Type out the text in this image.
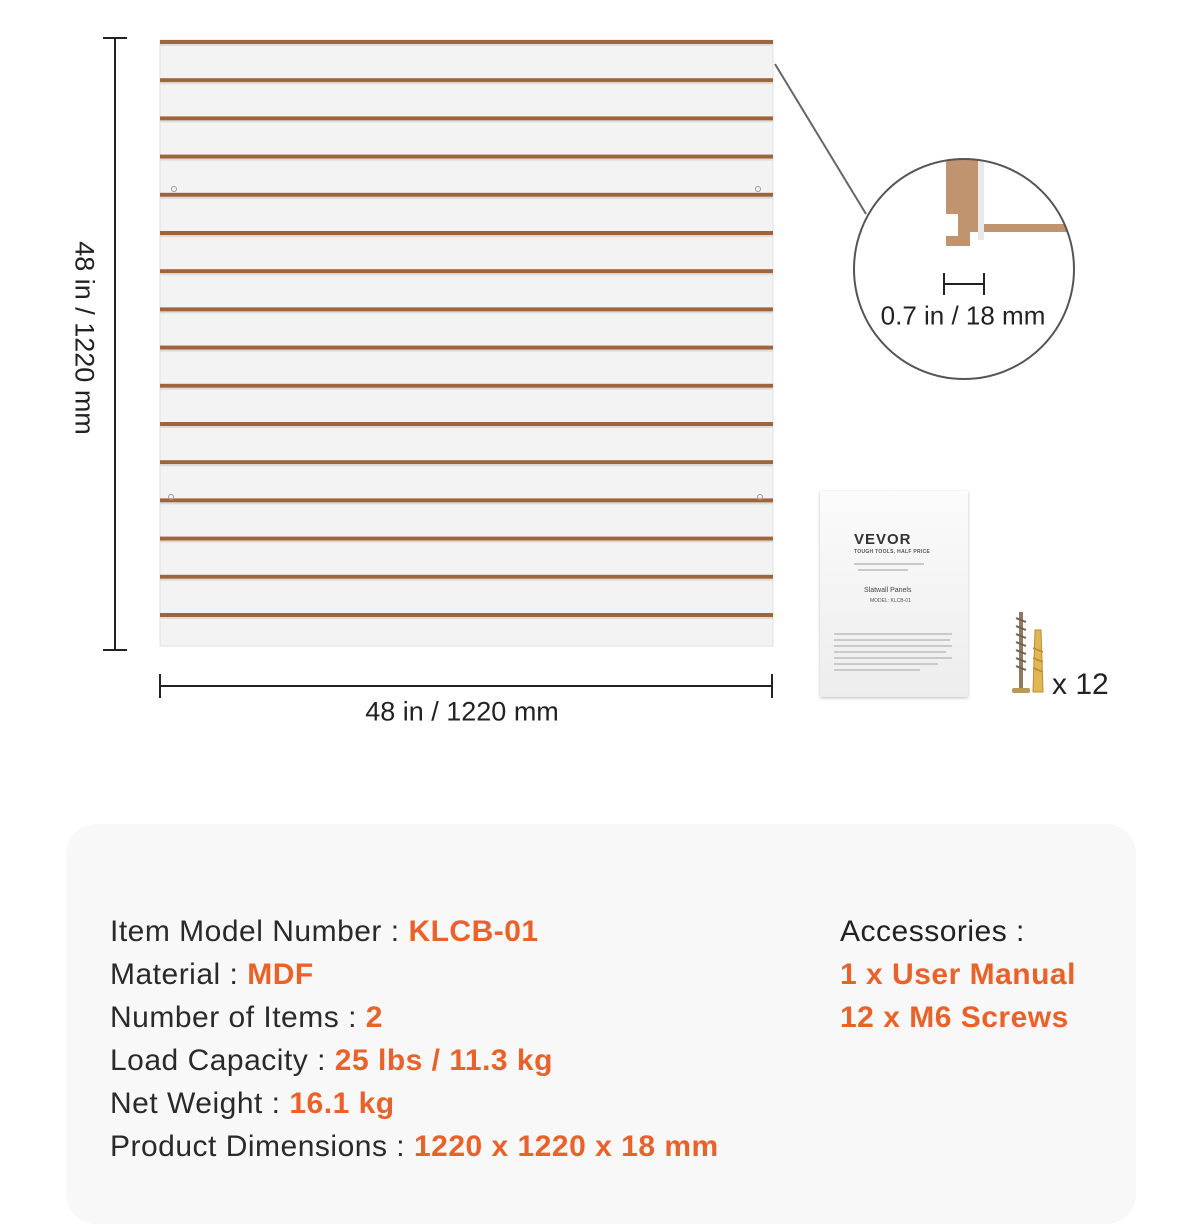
48 in / 1220 mm
48 in / 1220 mm
0.7 in / 18 mm
x 12
VEVOR
TOUGH TOOLS, HALF PRICE
Slatwall Panels
MODEL: KLCB-01
Item Model Number : KLCB-01
Material : MDF
Number of Items : 2
Load Capacity : 25 lbs / 11.3 kg
Net Weight : 16.1 kg
Product Dimensions : 1220 x 1220 x 18 mm
Accessories :
1 x User Manual
12 x M6 Screws
